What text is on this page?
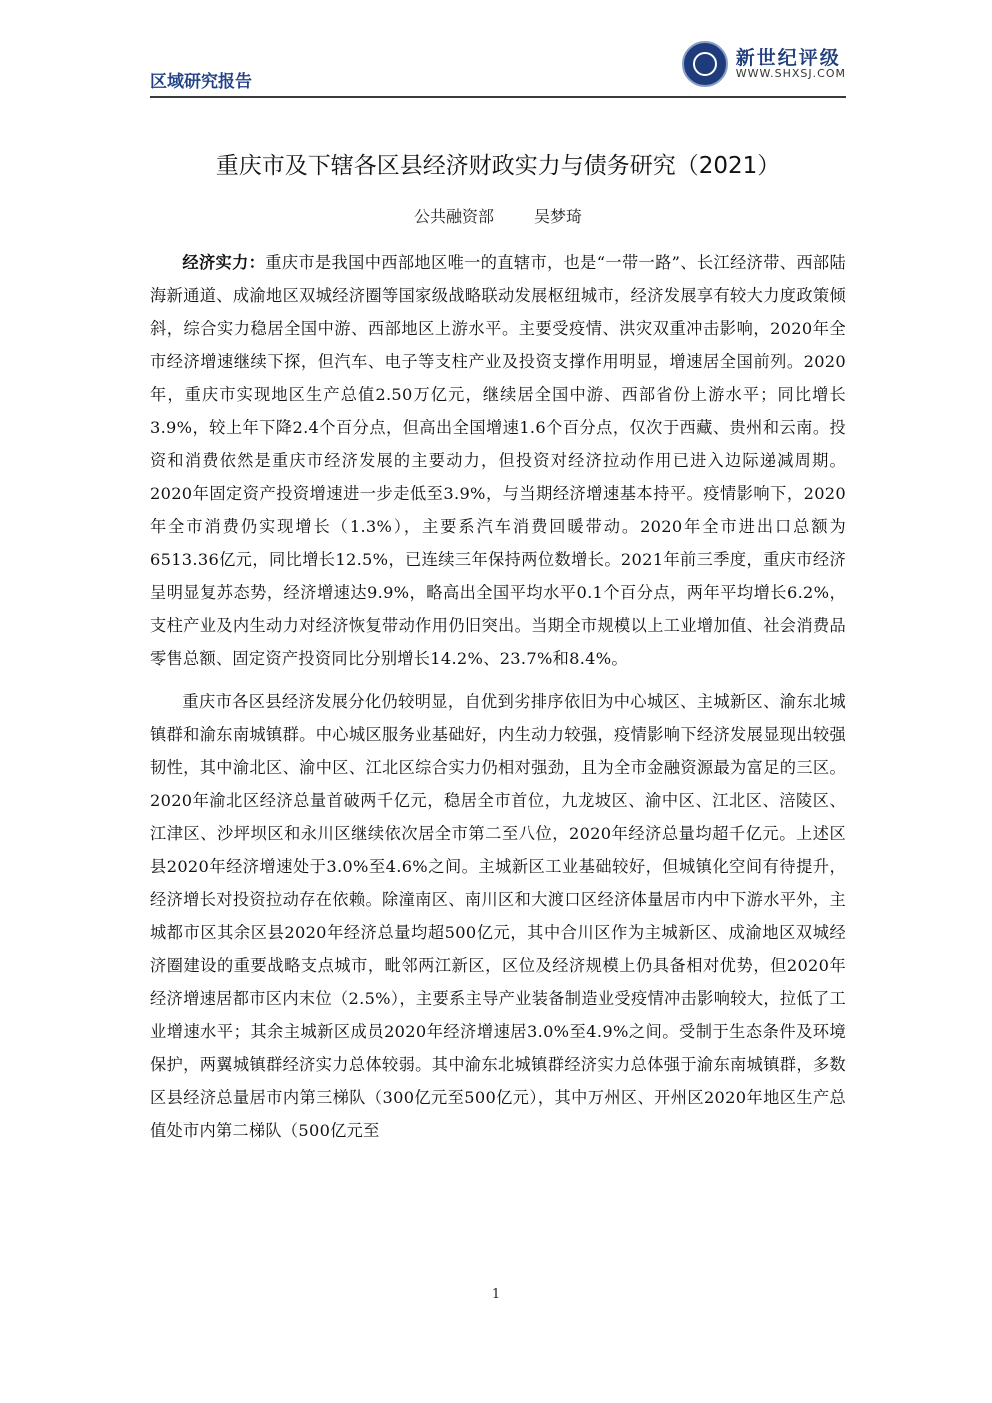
区域研究报告
新世纪评级
WWW.SHXSJ.COM
重庆市及下辖各区县经济财政实力与债务研究（2021）
公共融资部	吴梦琦

经济实力：重庆市是我国中西部地区唯一的直辖市，也是“一带一路”、长江经济带、西部陆海新通道、成渝地区双城经济圈等国家级战略联动发展枢纽城市，经济发展享有较大力度政策倾斜，综合实力稳居全国中游、西部地区上游水平。主要受疫情、洪灾双重冲击影响，2020年全市经济增速继续下探，但汽车、电子等支柱产业及投资支撑作用明显，增速居全国前列。2020年，重庆市实现地区生产总值2.50万亿元，继续居全国中游、西部省份上游水平；同比增长3.9%，较上年下降2.4个百分点，但高出全国增速1.6个百分点，仅次于西藏、贵州和云南。投资和消费依然是重庆市经济发展的主要动力，但投资对经济拉动作用已进入边际递减周期。2020年固定资产投资增速进一步走低至3.9%，与当期经济增速基本持平。疫情影响下，2020年全市消费仍实现增长（1.3%），主要系汽车消费回暖带动。2020年全市进出口总额为6513.36亿元，同比增长12.5%，已连续三年保持两位数增长。2021年前三季度，重庆市经济呈明显复苏态势，经济增速达9.9%，略高出全国平均水平0.1个百分点，两年平均增长6.2%，支柱产业及内生动力对经济恢复带动作用仍旧突出。当期全市规模以上工业增加值、社会消费品零售总额、固定资产投资同比分别增长14.2%、23.7%和8.4%。

重庆市各区县经济发展分化仍较明显，自优到劣排序依旧为中心城区、主城新区、渝东北城镇群和渝东南城镇群。中心城区服务业基础好，内生动力较强，疫情影响下经济发展显现出较强韧性，其中渝北区、渝中区、江北区综合实力仍相对强劲，且为全市金融资源最为富足的三区。2020年渝北区经济总量首破两千亿元，稳居全市首位，九龙坡区、渝中区、江北区、涪陵区、江津区、沙坪坝区和永川区继续依次居全市第二至八位，2020年经济总量均超千亿元。上述区县2020年经济增速处于3.0%至4.6%之间。主城新区工业基础较好，但城镇化空间有待提升，经济增长对投资拉动存在依赖。除潼南区、南川区和大渡口区经济体量居市内中下游水平外，主城都市区其余区县2020年经济总量均超500亿元，其中合川区作为主城新区、成渝地区双城经济圈建设的重要战略支点城市，毗邻两江新区，区位及经济规模上仍具备相对优势，但2020年经济增速居都市区内末位（2.5%），主要系主导产业装备制造业受疫情冲击影响较大，拉低了工业增速水平；其余主城新区成员2020年经济增速居3.0%至4.9%之间。受制于生态条件及环境保护，两翼城镇群经济实力总体较弱。其中渝东北城镇群经济实力总体强于渝东南城镇群，多数区县经济总量居市内第三梯队（300亿元至500亿元），其中万州区、开州区2020年地区生产总值处市内第二梯队（500亿元至

1
